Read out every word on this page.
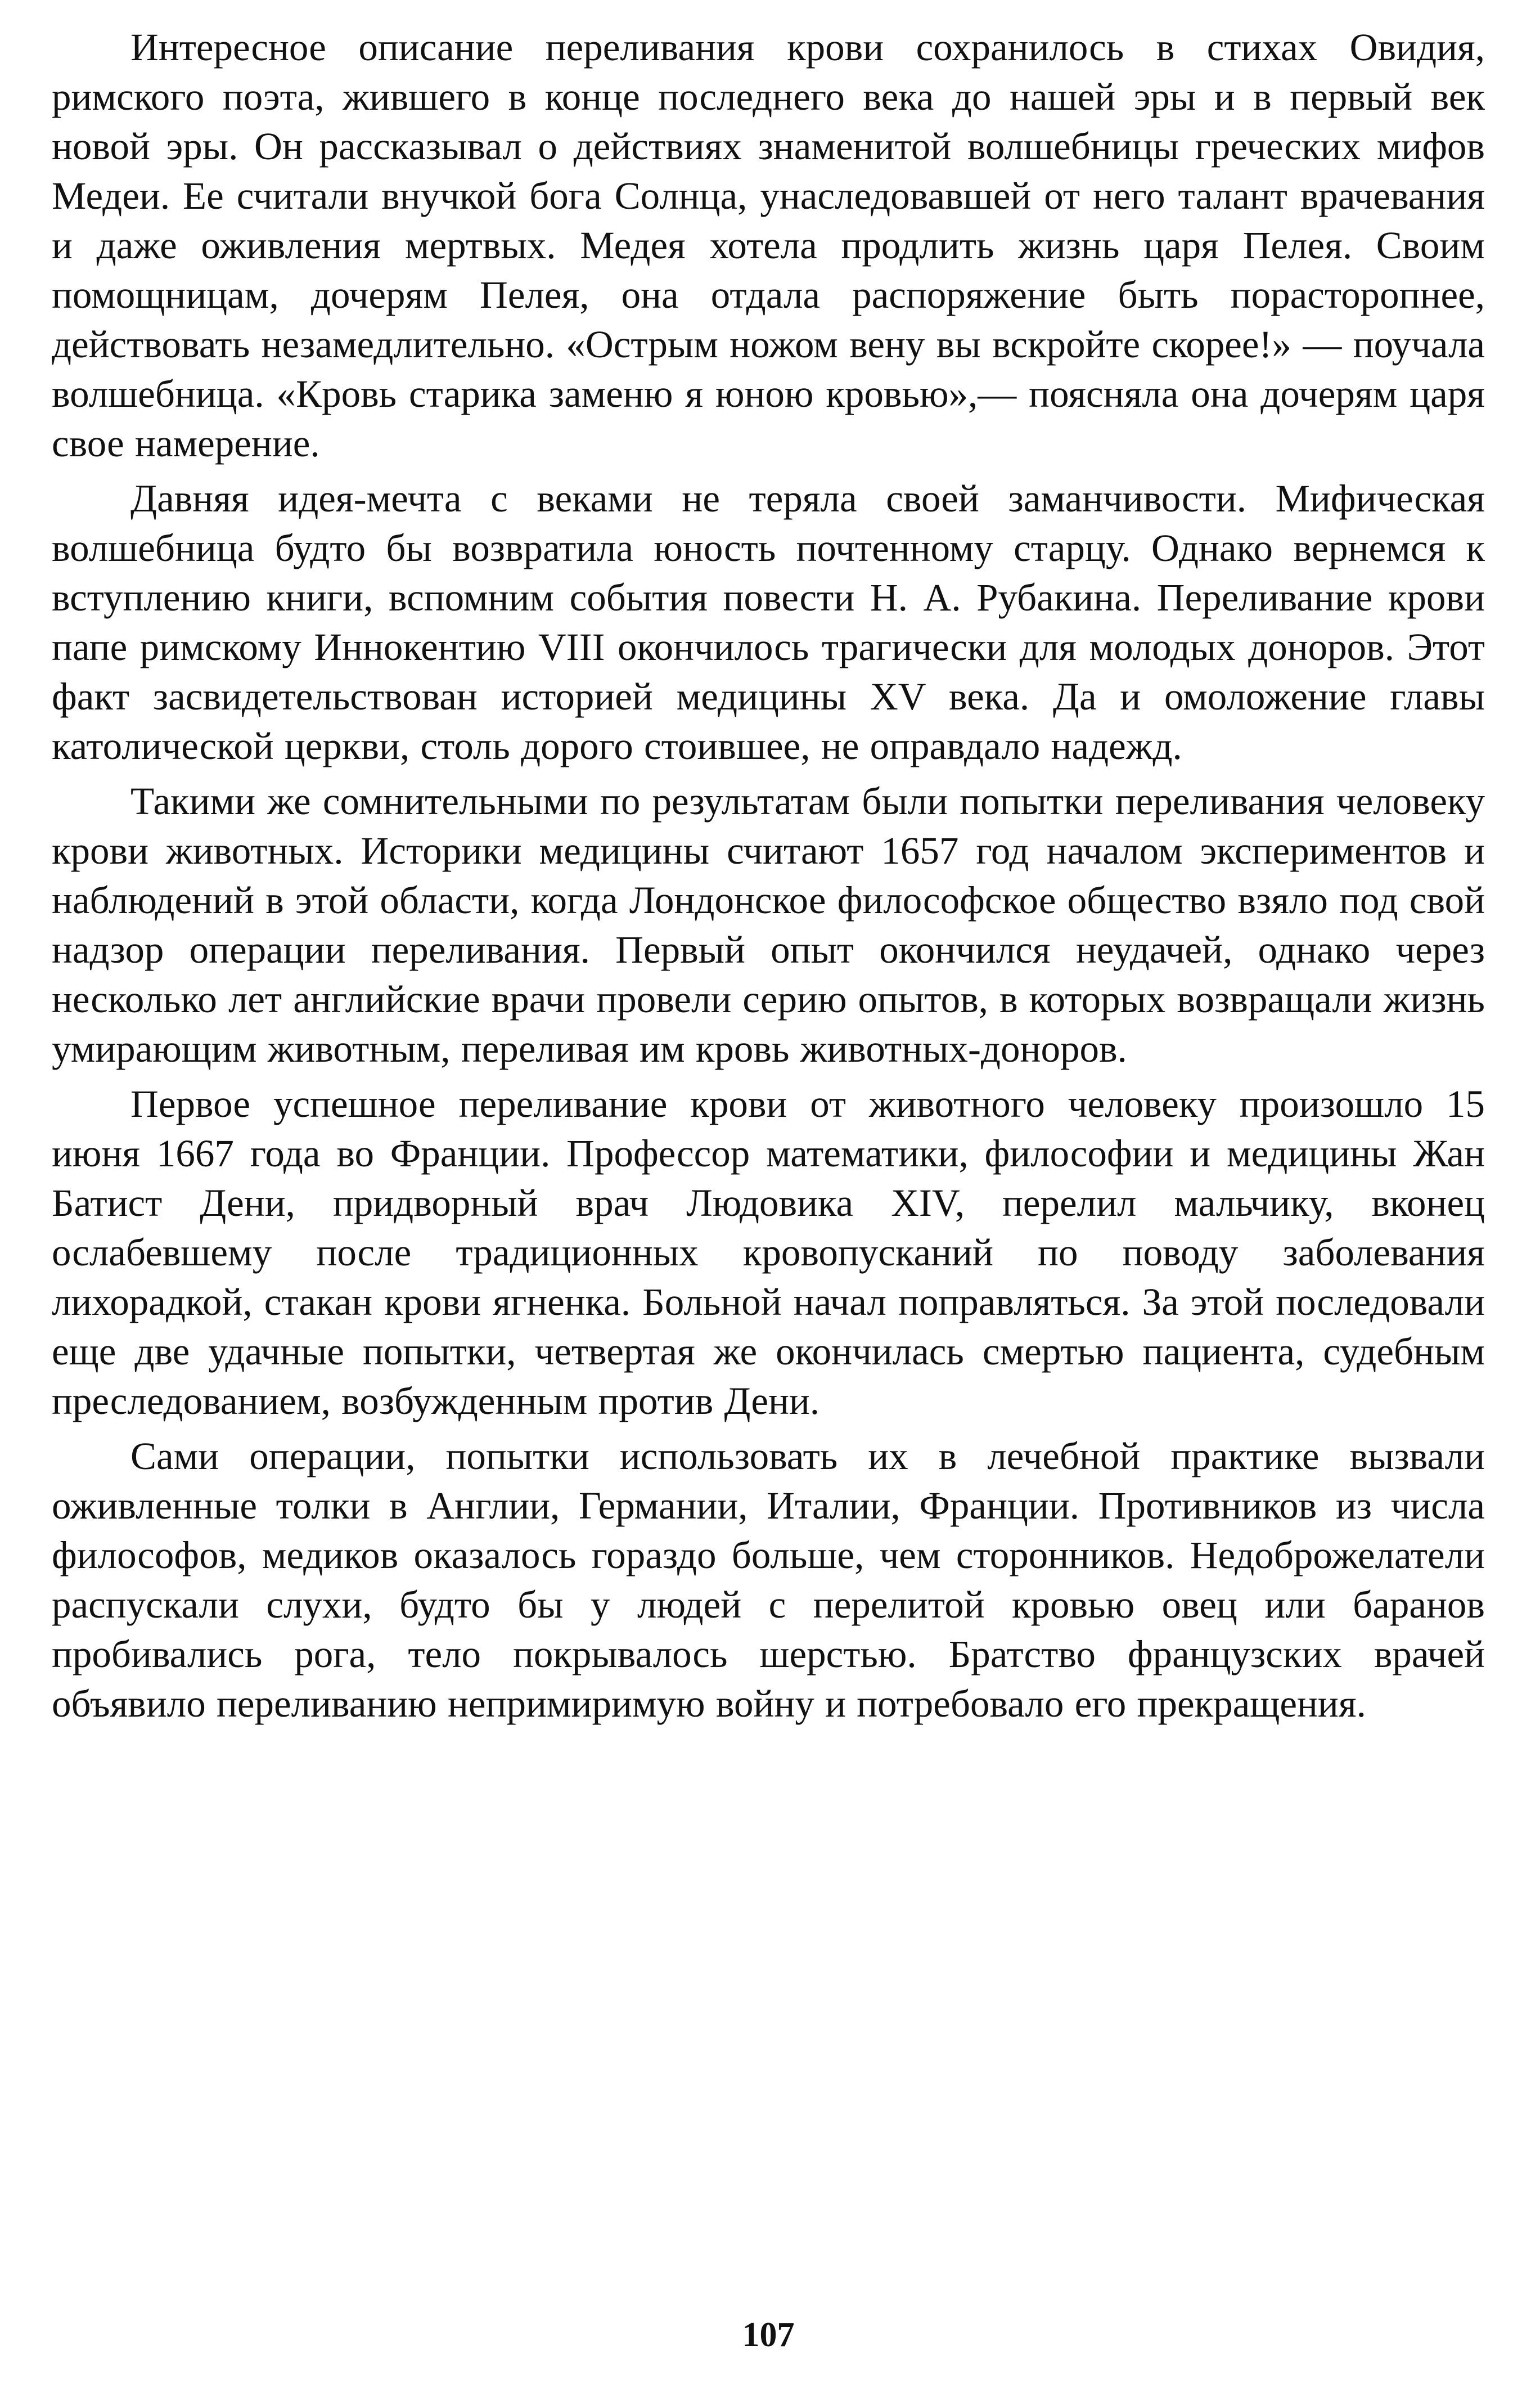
Интересное описание переливания крови сохранилось в стихах Овидия, римского поэта, жившего в конце последнего века до нашей эры и в первый век новой эры. Он рассказывал о действиях знаменитой волшебницы греческих мифов Медеи. Ее считали внучкой бога Солнца, унаследовавшей от него талант врачевания и даже оживления мертвых. Медея хотела продлить жизнь царя Пелея. Своим помощницам, дочерям Пелея, она отдала распоряжение быть порасторопнее, действовать незамедлительно. «Острым ножом вену вы вскройте скорее!» — поучала волшебница. «Кровь старика заменю я юною кровью»,— поясняла она дочерям царя свое намерение.

Давняя идея-мечта с веками не теряла своей заманчивости. Мифическая волшебница будто бы возвратила юность почтенному старцу. Однако вернемся к вступлению книги, вспомним события повести Н. А. Рубакина. Переливание крови папе римскому Иннокентию VIII окончилось трагически для молодых доноров. Этот факт засвидетельствован историей медицины XV века. Да и омоложение главы католической церкви, столь дорого стоившее, не оправдало надежд.

Такими же сомнительными по результатам были попытки переливания человеку крови животных. Историки медицины считают 1657 год началом экспериментов и наблюдений в этой области, когда Лондонское философское общество взяло под свой надзор операции переливания. Первый опыт окончился неудачей, однако через несколько лет английские врачи провели серию опытов, в которых возвращали жизнь умирающим животным, переливая им кровь животных-доноров.

Первое успешное переливание крови от животного человеку произошло 15 июня 1667 года во Франции. Профессор математики, философии и медицины Жан Батист Дени, придворный врач Людовика XIV, перелил мальчику, вконец ослабевшему после традиционных кровопусканий по поводу заболевания лихорадкой, стакан крови ягненка. Больной начал поправляться. За этой последовали еще две удачные попытки, четвертая же окончилась смертью пациента, судебным преследованием, возбужденным против Дени.

Сами операции, попытки использовать их в лечебной практике вызвали оживленные толки в Англии, Германии, Италии, Франции. Противников из числа философов, медиков оказалось гораздо больше, чем сторонников. Недоброжелатели распускали слухи, будто бы у людей с перелитой кровью овец или баранов пробивались рога, тело покрывалось шерстью. Братство французских врачей объявило переливанию непримиримую войну и потребовало его прекращения.

107
